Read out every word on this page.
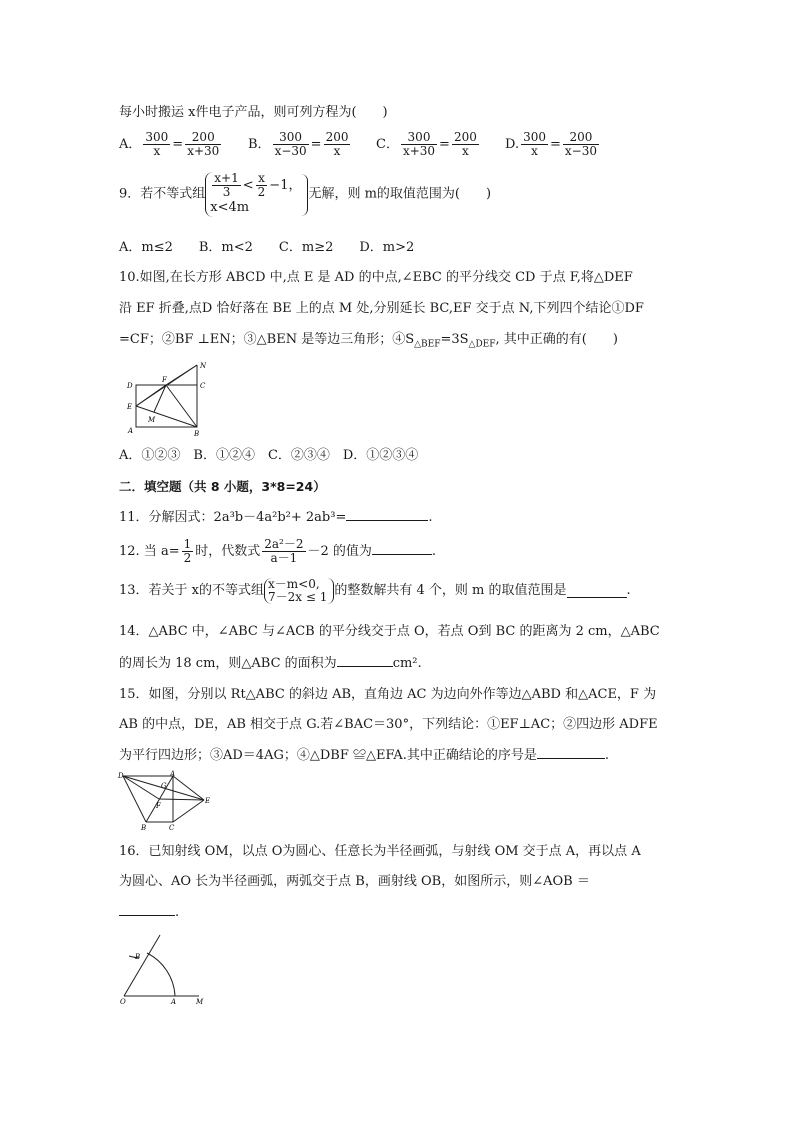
每小时搬运 x件电子产品，则可列方程为(　　)
A． $\frac{300}{x} = \frac{200}{x+30}$ B． $\frac{300}{x-30} = \frac{200}{x}$ C． $\frac{300}{x+30} = \frac{200}{x} D$. $\frac{300}{x} = \frac{200}{x-30}$
9．若不等式组 $\frac{x+1}{3} < \frac{x}{2} -1$，
x<4m
无解，则 m的取值范围为(　　)
A．m≤2　　B．m<2　　C．m≥2　　D．m>2
10.如图,在长方形 ABCD 中,点 E 是 AD 的中点,∠EBC 的平分线交 CD 于点 F,将△DEF
沿 EF 折叠,点D 恰好落在 BE 上的点 M 处,分别延长 BC,EF 交于点 N,下列四个结论①DF
=CF；②BF ⊥EN；③△BEN 是等边三角形；$④S_{\triangle BEF}=3S_{\triangle DEF}$, 其中正确的有(　　)
D
F
N
C
E
M
A	B
A．①②③　B．①②④　C．②③④　D．①②③④
二．填空题（共 8 小题，3*8=24）
11．分解因式：2a³b－4a²b²+ 2ab³=	.
12. 当 $a= \frac{1}{2}$ 时，代数式 $\frac{\text{2a²－2}}{a-1} -2$ 的值为	.
13．若关于 x的不等式组 x－m<0,
7－2x ≤ 1 的整数解共有 4 个，则 m 的取值范围是	.
14．△ABC 中，∠ABC 与∠ACB 的平分线交于点 O，若点 O到 BC 的距离为 2 cm，△ABC
的周长为 18 cm，则△ABC 的面积为	cm².
15．如图，分别以 Rt△ABC 的斜边 AB，直角边 AC 为边向外作等边△ABD 和△ACE，F 为
AB 的中点，DE，AB 相交于点 G.若∠BAC＝30°，下列结论：①EF⊥AC；②四边形 ADFE
为平行四边形；③AD＝4AG；④△DBF ≌△EFA.其中正确结论的序号是	.
D	A
G
E
F
B	C
16．已知射线 OM，以点 O为圆心、任意长为半径画弧，与射线 OM 交于点 A，再以点 A
为圆心、AO 长为半径画弧，两弧交于点 B，画射线 OB，如图所示，则∠AOB ＝
.
B
O	A	M
